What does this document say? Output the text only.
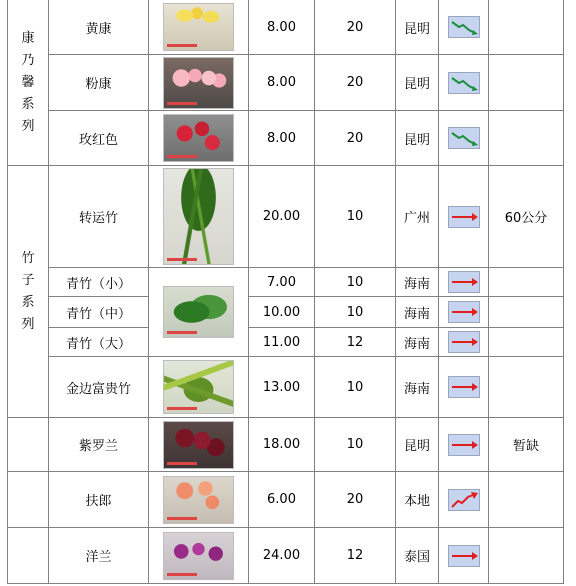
康
乃
馨
系
列	黄康		8.00	20	昆明	

	粉康		8.00	20	昆明	

	玫红色		8.00	20	昆明	

竹
子
系
列	转运竹		20.00	10	广州		60公分
	青竹（小）		7.00	10	海南	

	青竹（中）		10.00	10	海南	

	青竹（大）		11.00	12	海南	

	金边富贵竹		13.00	10	海南	

	紫罗兰		18.00	10	昆明		暂缺
	扶郎		6.00	20	本地	

	洋兰		24.00	12	泰国	
